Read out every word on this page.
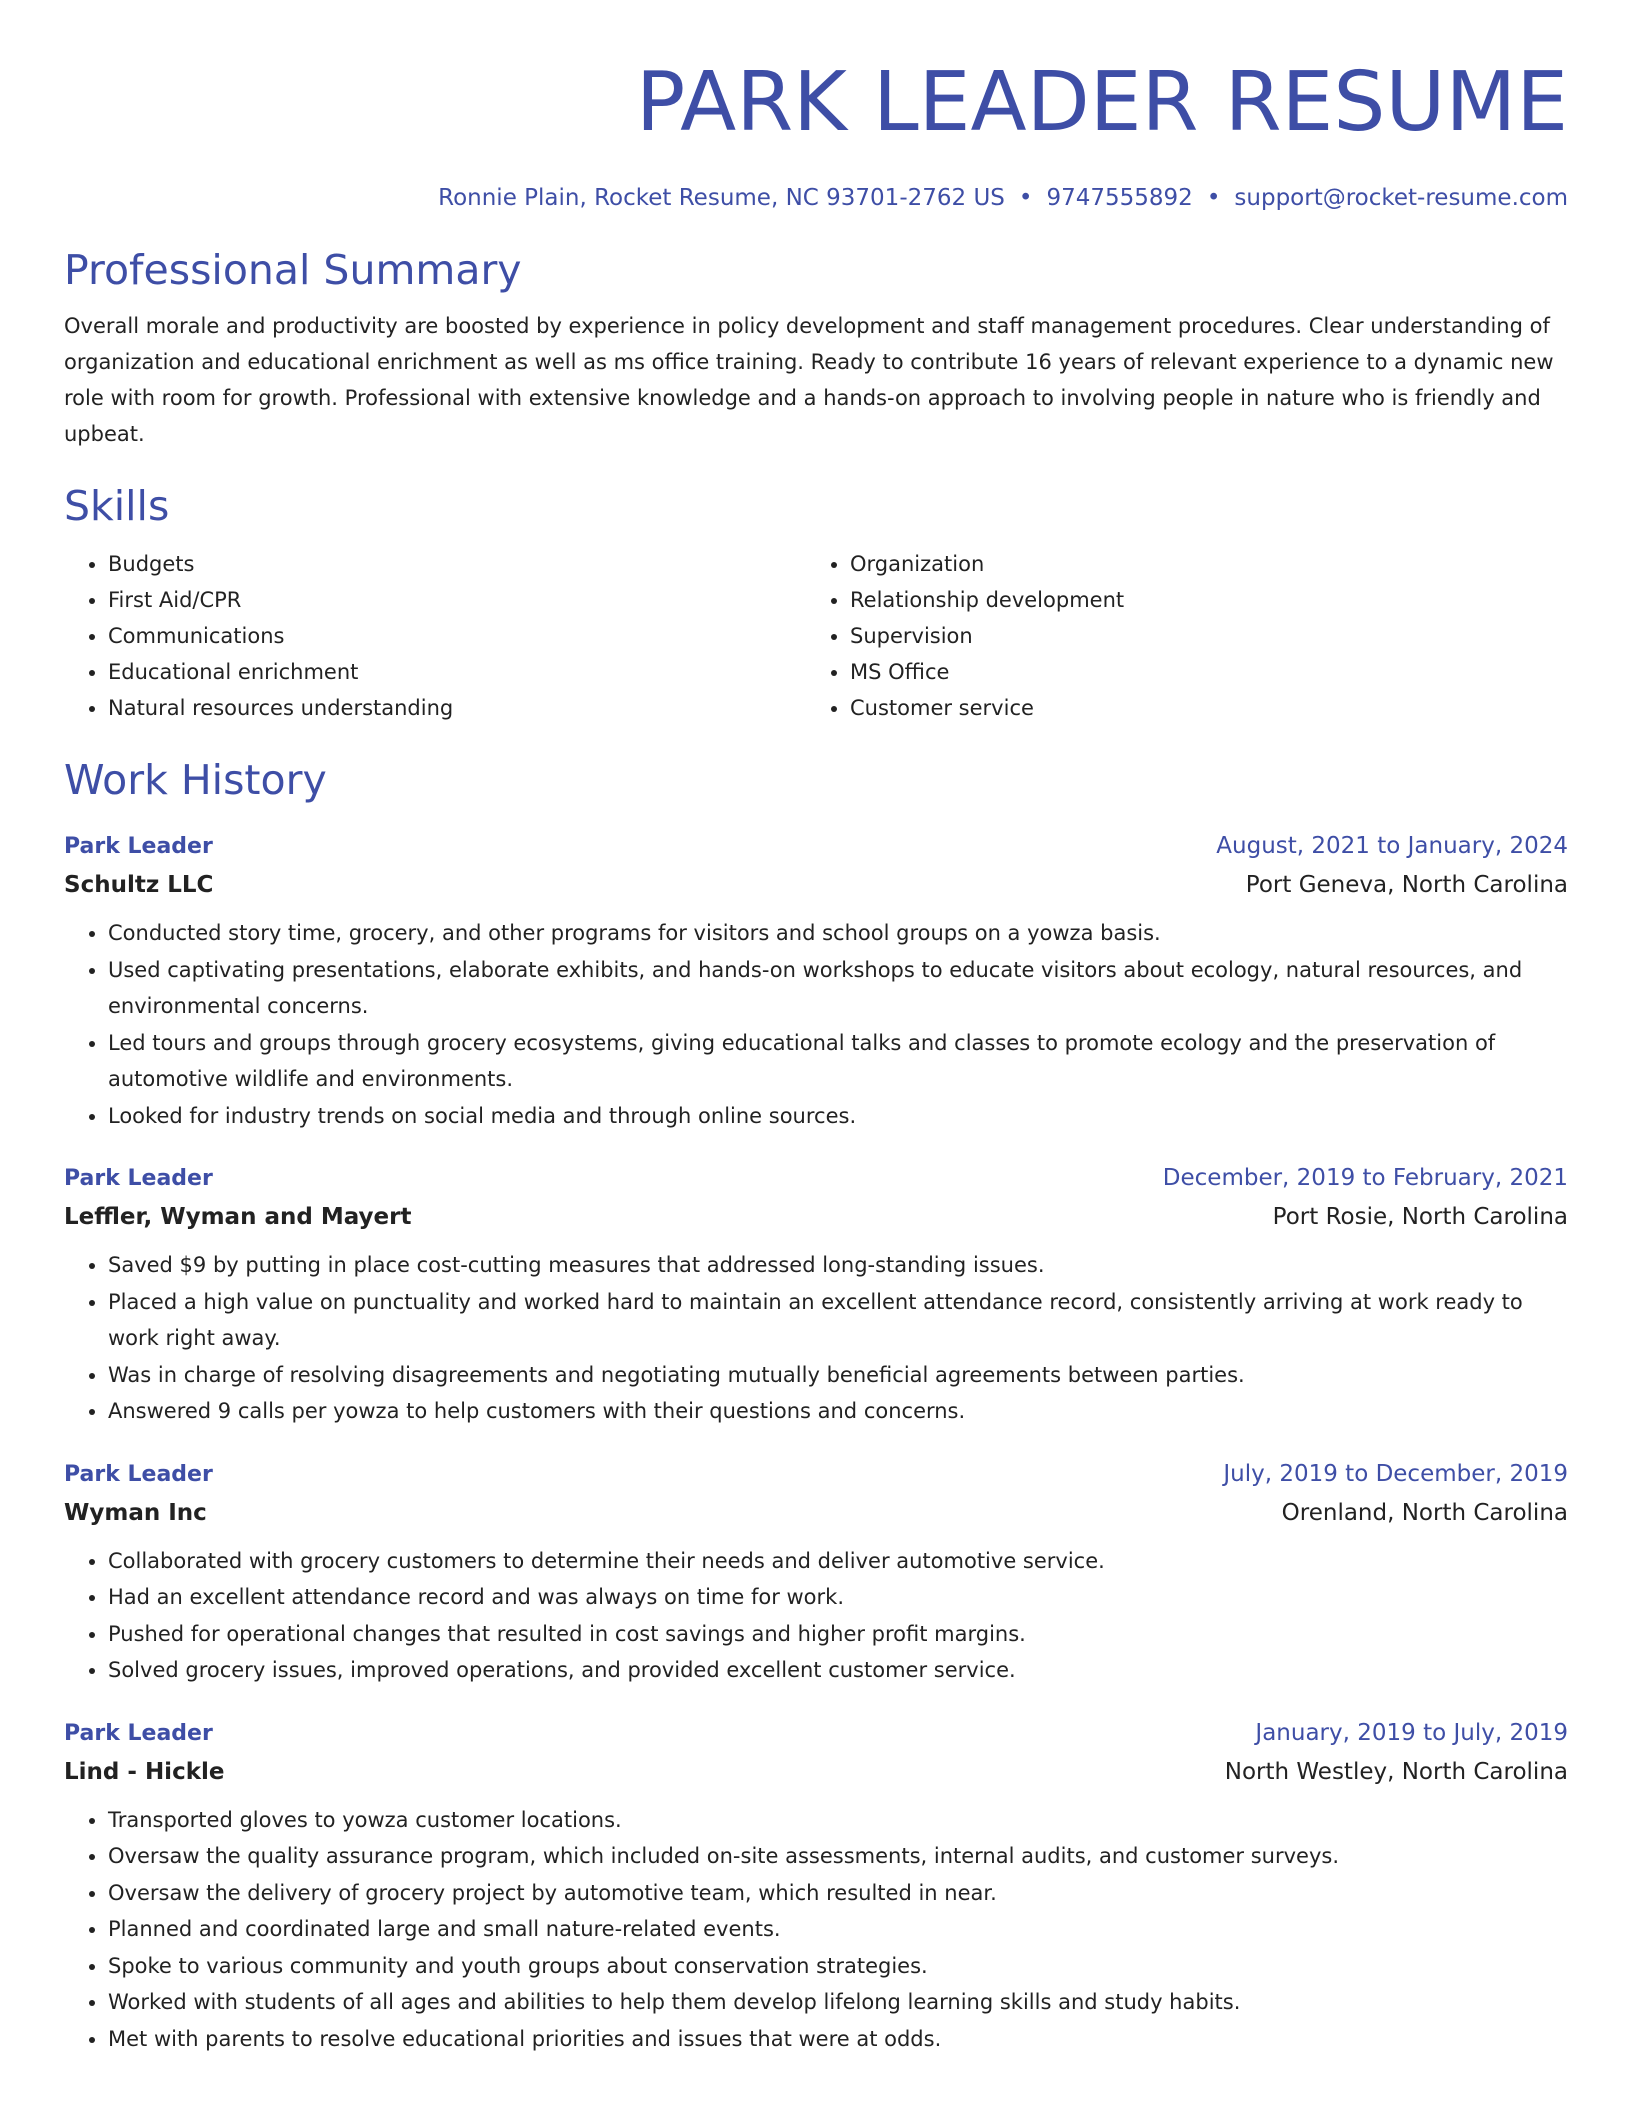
PARK LEADER RESUME
Ronnie Plain, Rocket Resume, NC 93701-2762 US • 9747555892 • support@rocket-resume.com
Professional Summary
Overall morale and productivity are boosted by experience in policy development and staff management procedures. Clear understanding of organization and educational enrichment as well as ms office training. Ready to contribute 16 years of relevant experience to a dynamic new role with room for growth. Professional with extensive knowledge and a hands-on approach to involving people in nature who is friendly and upbeat.
Skills
• Budgets
• First Aid/CPR
• Communications
• Educational enrichment
• Natural resources understanding
• Organization
• Relationship development
• Supervision
• MS Office
• Customer service
Work History
Park Leader	August, 2021 to January, 2024
Schultz LLC	Port Geneva, North Carolina
• Conducted story time, grocery, and other programs for visitors and school groups on a yowza basis.
• Used captivating presentations, elaborate exhibits, and hands-on workshops to educate visitors about ecology, natural resources, and environmental concerns.
• Led tours and groups through grocery ecosystems, giving educational talks and classes to promote ecology and the preservation of automotive wildlife and environments.
• Looked for industry trends on social media and through online sources.
Park Leader	December, 2019 to February, 2021
Leffler, Wyman and Mayert	Port Rosie, North Carolina
• Saved $9 by putting in place cost-cutting measures that addressed long-standing issues.
• Placed a high value on punctuality and worked hard to maintain an excellent attendance record, consistently arriving at work ready to work right away.
• Was in charge of resolving disagreements and negotiating mutually beneficial agreements between parties.
• Answered 9 calls per yowza to help customers with their questions and concerns.
Park Leader	July, 2019 to December, 2019
Wyman Inc	Orenland, North Carolina
• Collaborated with grocery customers to determine their needs and deliver automotive service.
• Had an excellent attendance record and was always on time for work.
• Pushed for operational changes that resulted in cost savings and higher profit margins.
• Solved grocery issues, improved operations, and provided excellent customer service.
Park Leader	January, 2019 to July, 2019
Lind - Hickle	North Westley, North Carolina
• Transported gloves to yowza customer locations.
• Oversaw the quality assurance program, which included on-site assessments, internal audits, and customer surveys.
• Oversaw the delivery of grocery project by automotive team, which resulted in near.
• Planned and coordinated large and small nature-related events.
• Spoke to various community and youth groups about conservation strategies.
• Worked with students of all ages and abilities to help them develop lifelong learning skills and study habits.
• Met with parents to resolve educational priorities and issues that were at odds.
